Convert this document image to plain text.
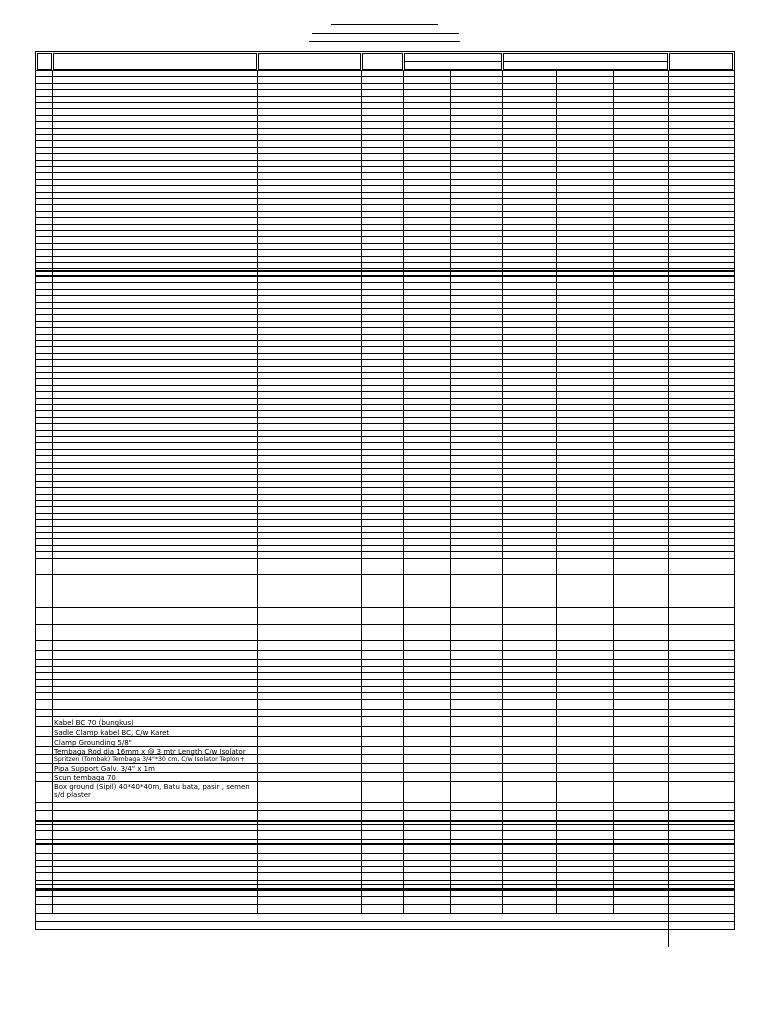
Kabel BC 70 (bungkus)
Sadle Clamp kabel BC, C/w Karet
Clamp Grounding 5/8"
Tembaga Rod dia 16mm x @ 3 mtr Length C/w Isolator
Spritzen (Tombak) Tembaga 3/4"*30 cm, C/w Isolator Teplon+
Pipa Support Galv. 3/4" x 1m
Scun tembaga 70
Box ground (Sipil) 40*40*40m, Batu bata, pasir , semen s/d plaster
